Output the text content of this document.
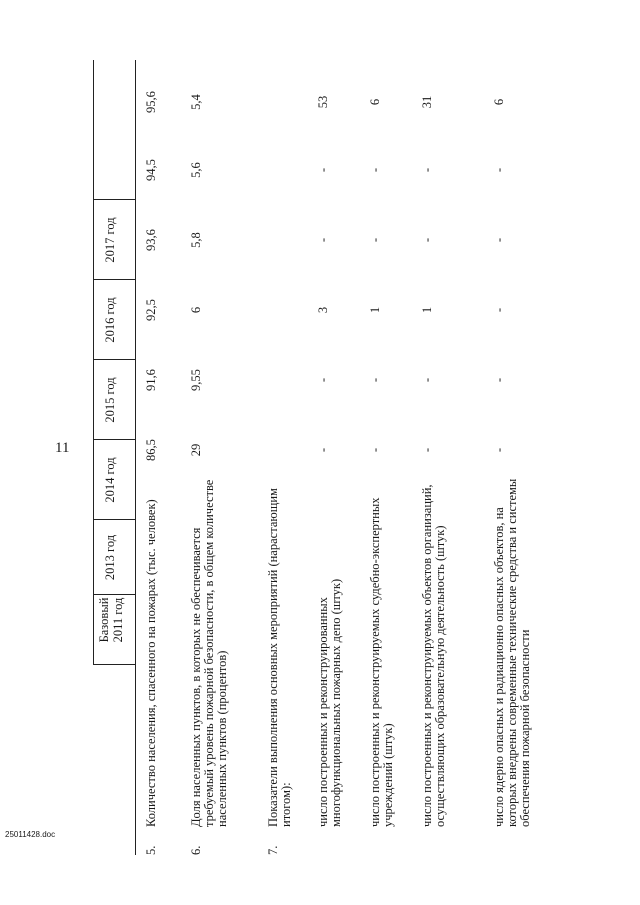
11
25011428.doc
Базовый 2011 год
2013 год
2014 год
2015 год
2016 год
2017 год
5.
Количество населения, спасенного на пожарах (тыс. человек)
86,5
91,6
92,5
93,6
94,5
95,6
6.
Доля населенных пунктов, в которых не обеспечивается требуемый уровень пожарной безопасности, в общем количестве населенных пунктов (процентов)
29
9,55
6
5,8
5,6
5,4
7.
Показатели выполнения основных мероприятий (нарастающим итогом): число построенных и реконструированных многофункциональных пожарных депо (штук)
-
-
3
-
-
53
число построенных и реконструируемых судебно-экспертных учреждений (штук)
-
-
1
-
-
6
число построенных и реконструируемых объектов организаций, осуществляющих образовательную деятельность (штук)
-
-
1
-
-
31
число ядерно опасных и радиационно опасных объектов, на которых внедрены современные технические средства и системы обеспечения пожарной безопасности
-
-
-
-
-
6
